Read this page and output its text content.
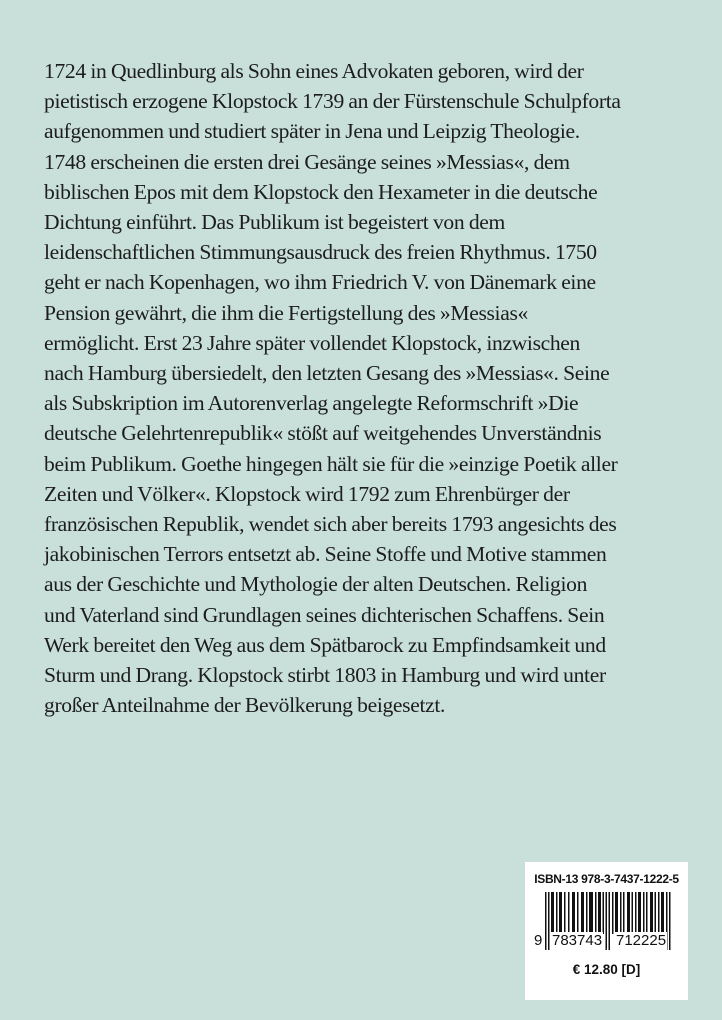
1724 in Quedlinburg als Sohn eines Advokaten geboren, wird der
pietistisch erzogene Klopstock 1739 an der Fürstenschule Schulpforta
aufgenommen und studiert später in Jena und Leipzig Theologie.
1748 erscheinen die ersten drei Gesänge seines »Messias«, dem
biblischen Epos mit dem Klopstock den Hexameter in die deutsche
Dichtung einführt. Das Publikum ist begeistert von dem
leidenschaftlichen Stimmungsausdruck des freien Rhythmus. 1750
geht er nach Kopenhagen, wo ihm Friedrich V. von Dänemark eine
Pension gewährt, die ihm die Fertigstellung des »Messias«
ermöglicht. Erst 23 Jahre später vollendet Klopstock, inzwischen
nach Hamburg übersiedelt, den letzten Gesang des »Messias«. Seine
als Subskription im Autorenverlag angelegte Reformschrift »Die
deutsche Gelehrtenrepublik« stößt auf weitgehendes Unverständnis
beim Publikum. Goethe hingegen hält sie für die »einzige Poetik aller
Zeiten und Völker«. Klopstock wird 1792 zum Ehrenbürger der
französischen Republik, wendet sich aber bereits 1793 angesichts des
jakobinischen Terrors entsetzt ab. Seine Stoffe und Motive stammen
aus der Geschichte und Mythologie der alten Deutschen. Religion
und Vaterland sind Grundlagen seines dichterischen Schaffens. Sein
Werk bereitet den Weg aus dem Spätbarock zu Empfindsamkeit und
Sturm und Drang. Klopstock stirbt 1803 in Hamburg und wird unter
großer Anteilnahme der Bevölkerung beigesetzt.
ISBN-13 978-3-7437-1222-5
9 783743 712225
€ 12.80 [D]
